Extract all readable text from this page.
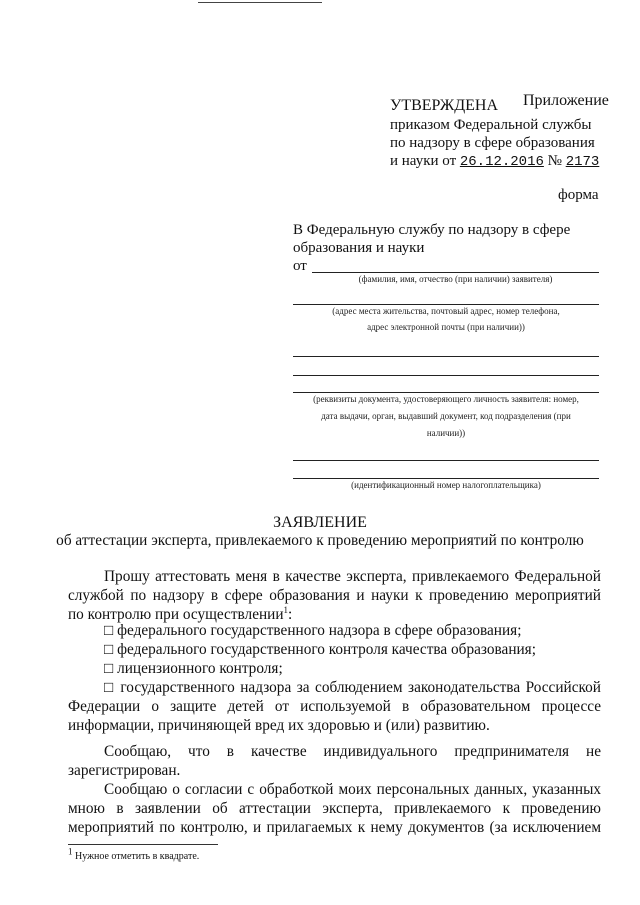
Приложение
УТВЕРЖДЕНА
приказом Федеральной службы
по надзору в сфере образования
и науки от 26.12.2016 № 2173
форма
В Федеральную службу по надзору в сфере
образования и науки
от
(фамилия, имя, отчество (при наличии) заявителя)
(адрес места жительства, почтовый адрес, номер телефона,
адрес электронной почты (при наличии))
(реквизиты документа, удостоверяющего личность заявителя: номер,
дата выдачи, орган, выдавший документ, код подразделения (при
наличии))
(идентификационный номер налогоплательщика)
ЗАЯВЛЕНИЕ
об аттестации эксперта, привлекаемого к проведению мероприятий по контролю
Прошу аттестовать меня в качестве эксперта, привлекаемого Федеральной
службой по надзору в сфере образования и науки к проведению мероприятий
по контролю при осуществлении$^1$:
□ федерального государственного надзора в сфере образования;
□ федерального государственного контроля качества образования;
□ лицензионного контроля;
□ государственного надзора за соблюдением законодательства Российской
Федерации о защите детей от используемой в образовательном процессе
информации, причиняющей вред их здоровью и (или) развитию.
Сообщаю, что в качестве индивидуального предпринимателя не
зарегистрирован.
Сообщаю о согласии с обработкой моих персональных данных, указанных
мною в заявлении об аттестации эксперта, привлекаемого к проведению
мероприятий по контролю, и прилагаемых к нему документов (за исключением
$^1$ Нужное отметить в квадрате.
